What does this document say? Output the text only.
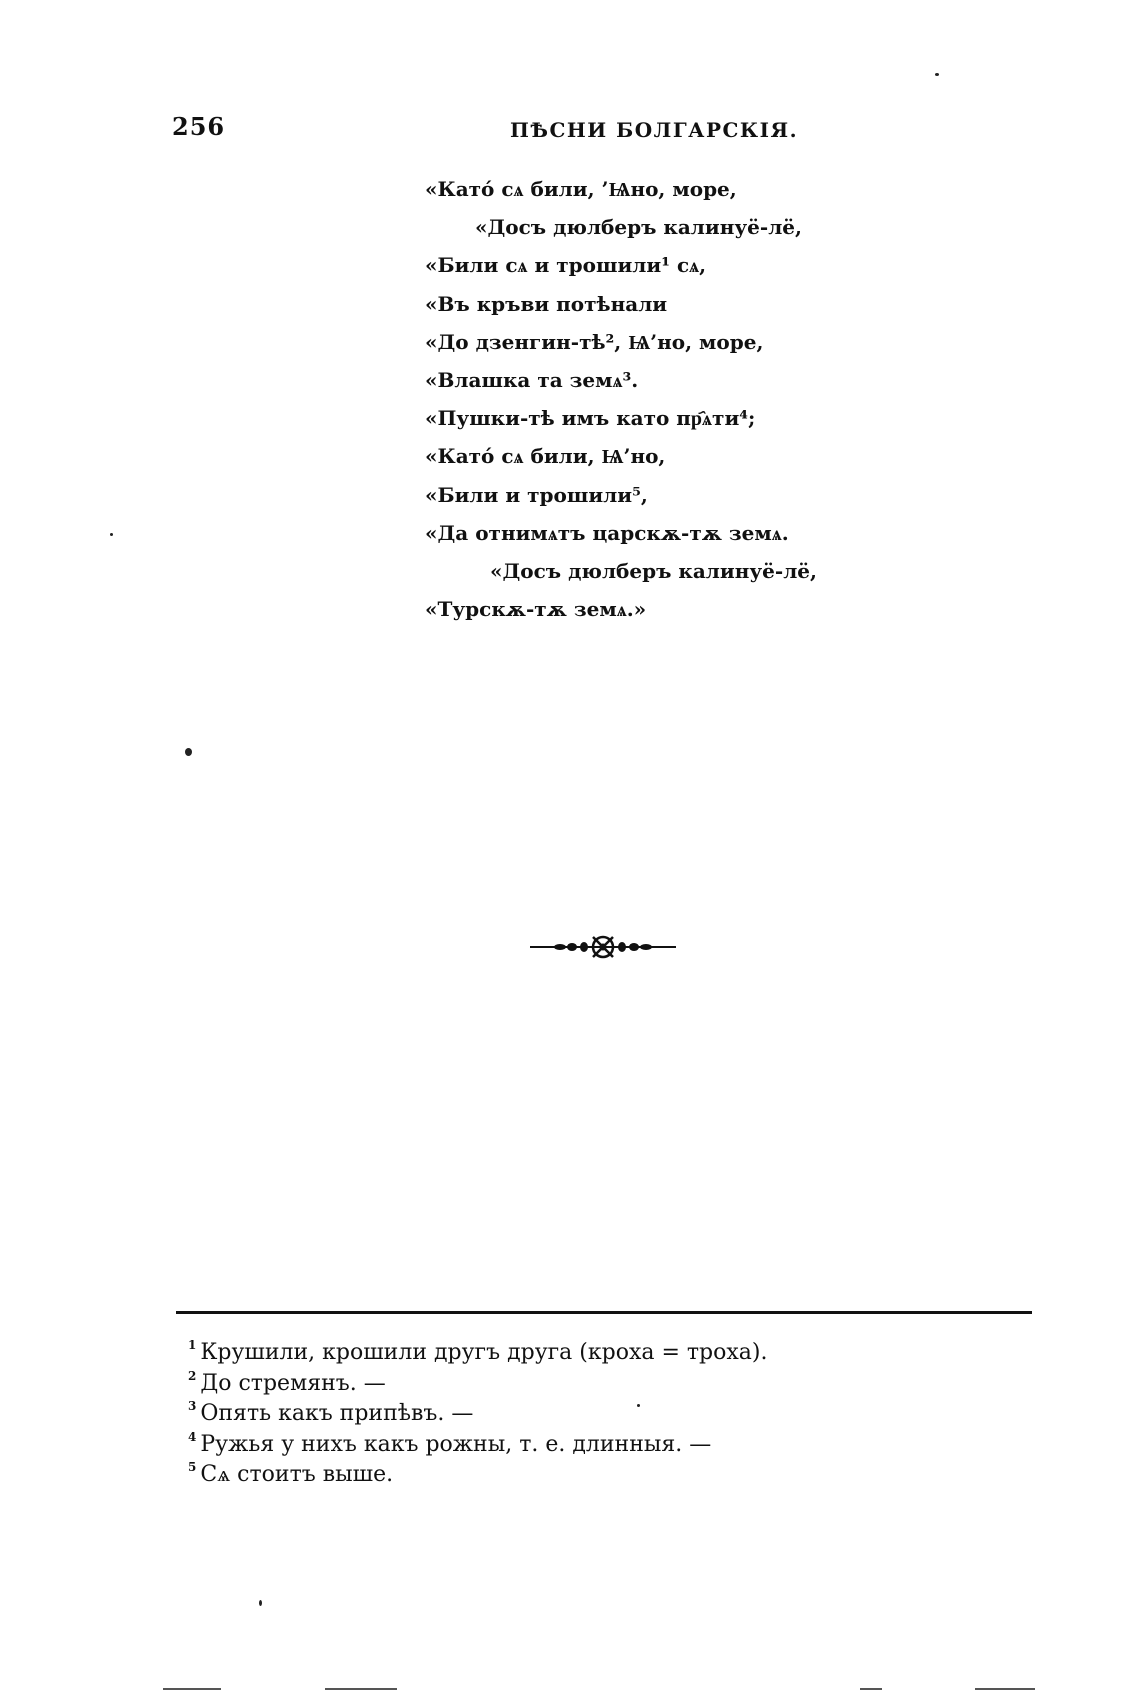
256	ПѢСНИ БОЛГАРСКІЯ.
«Като́ сѧ били, ’Ѩно, море,
«Досъ дюлберъ калинуё-лё,
«Били сѧ и трошили¹ сѧ,
«Въ кръви потѣнали
«До дзенгин-тѣ², Ѩ’но, море,
«Влашка та земѧ³.
«Пушки-тѣ имъ като пр҄ѧти⁴;
«Като́ сѧ били, Ѩ’но,
«Били и трошили⁵,
«Да отнимѧтъ царскѫ-тѫ земѧ.
«Досъ дюлберъ калинуё-лё,
«Турскѫ-тѫ земѧ.»
$^1$ Крушили, крошили другъ друга (кроха = троха).
$^2$ До стремянъ. —
$^3$ Опять какъ припѣвъ. —
$^4$ Ружья у нихъ какъ рожны, т. е. длинныя. —
$^5$ Сѧ стоитъ выше.
